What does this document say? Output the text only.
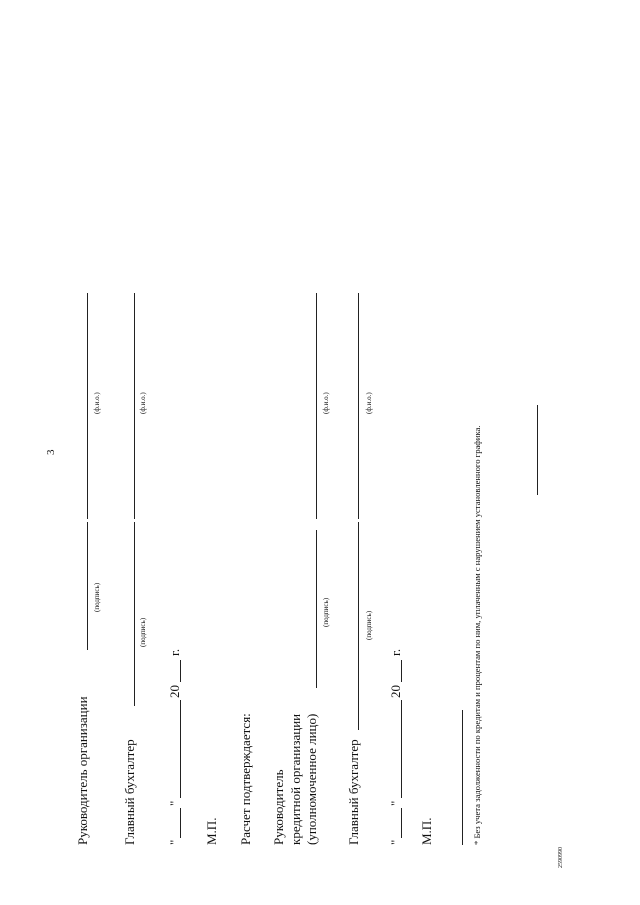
3
Руководитель организации
(подпись)
(ф.и.о.)
Главный бухгалтер
(подпись)
(ф.и.о.)
"
"
20
г.
М.П. Расчет подтверждается: Руководитель кредитной организации (уполномоченное лицо)
(подпись)
(ф.и.о.)
Главный бухгалтер
(подпись)
(ф.и.о.)
"
"
20
г.
М.П.	* Без учета задолженности по кредитам и процентам по ним, уплаченным с нарушением установленного графика.
2590990
